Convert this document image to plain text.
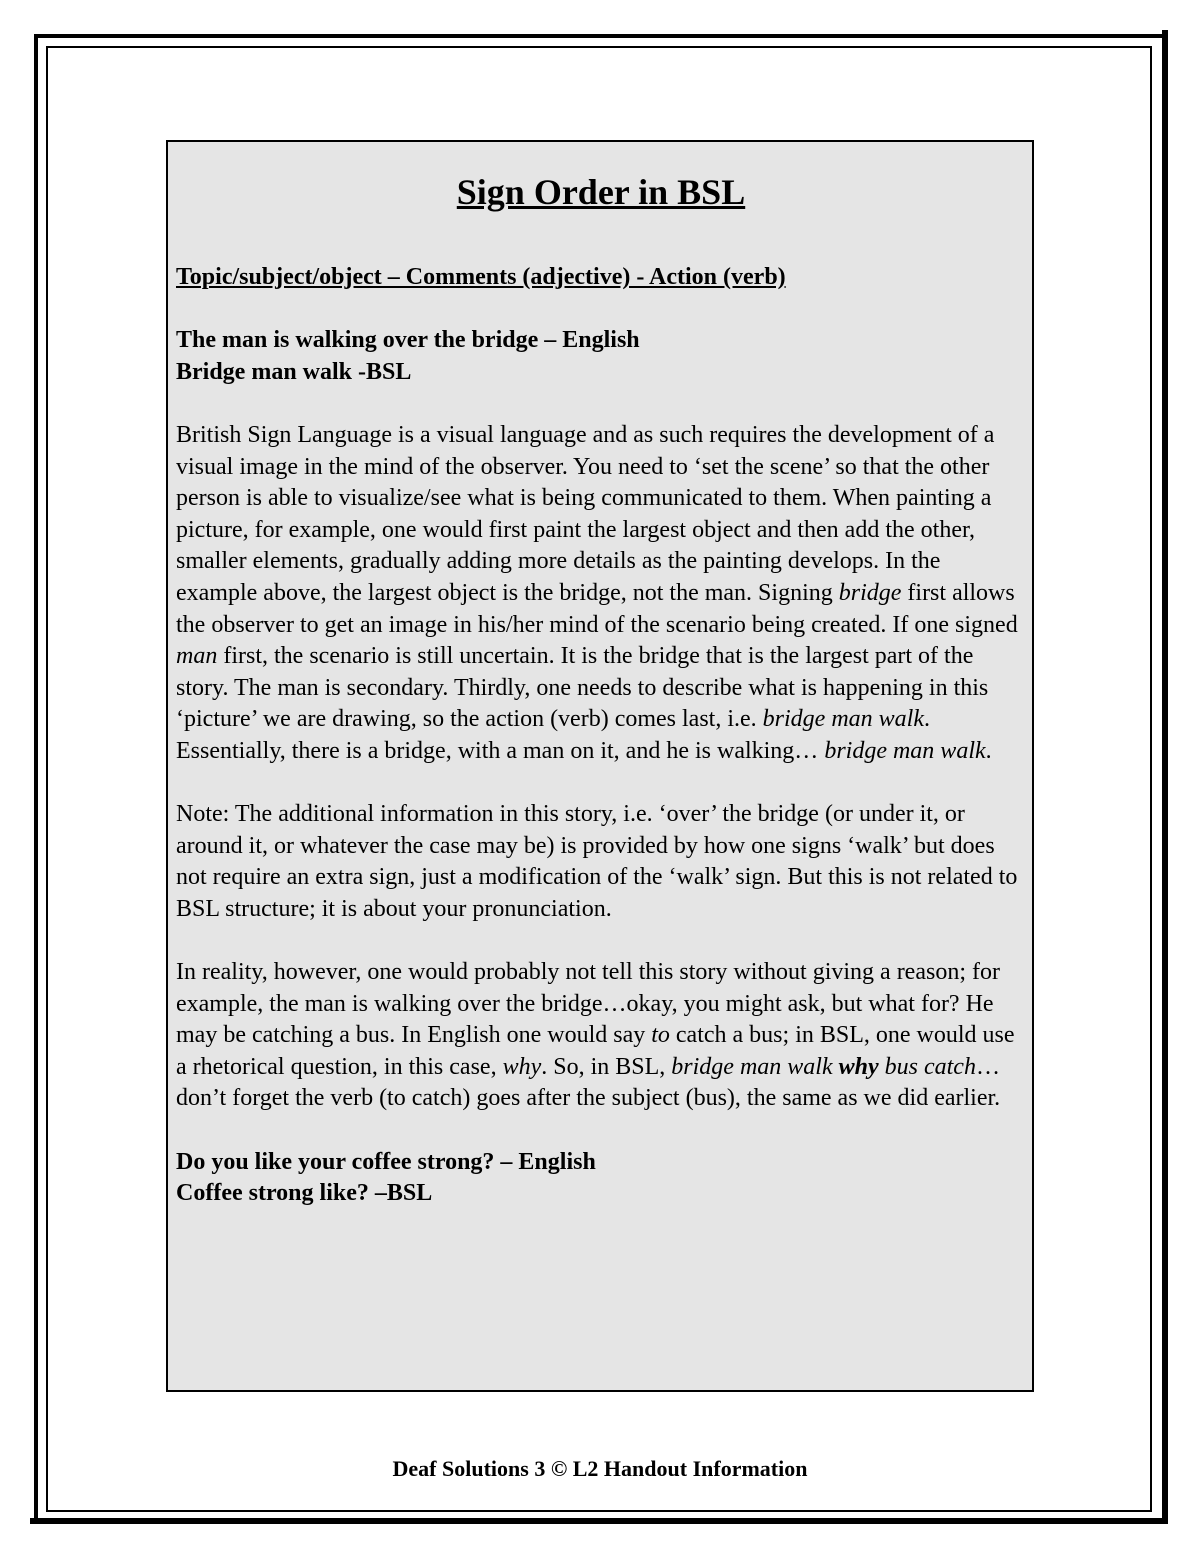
Sign Order in BSL

Topic/subject/object – Comments (adjective) - Action (verb)

The man is walking over the bridge – English

Bridge man walk -BSL

British Sign Language is a visual language and as such requires the development of a visual image in the mind of the observer. You need to ‘set the scene’ so that the other person is able to visualize/see what is being communicated to them. When painting a picture, for example, one would first paint the largest object and then add the other, smaller elements, gradually adding more details as the painting develops. In the example above, the largest object is the bridge, not the man. Signing bridge first allows the observer to get an image in his/her mind of the scenario being created. If one signed man first, the scenario is still uncertain. It is the bridge that is the largest part of the story. The man is secondary. Thirdly, one needs to describe what is happening in this ‘picture’ we are drawing, so the action (verb) comes last, i.e. bridge man walk. Essentially, there is a bridge, with a man on it, and he is walking… bridge man walk.

Note: The additional information in this story, i.e. ‘over’ the bridge (or under it, or around it, or whatever the case may be) is provided by how one signs ‘walk’ but does not require an extra sign, just a modification of the ‘walk’ sign. But this is not related to BSL structure; it is about your pronunciation.

In reality, however, one would probably not tell this story without giving a reason; for example, the man is walking over the bridge…okay, you might ask, but what for? He may be catching a bus. In English one would say to catch a bus; in BSL, one would use a rhetorical question, in this case, why. So, in BSL, bridge man walk why bus catch…don’t forget the verb (to catch) goes after the subject (bus), the same as we did earlier.

Do you like your coffee strong? – English

Coffee strong like? –BSL

Deaf Solutions 3 © L2 Handout Information
